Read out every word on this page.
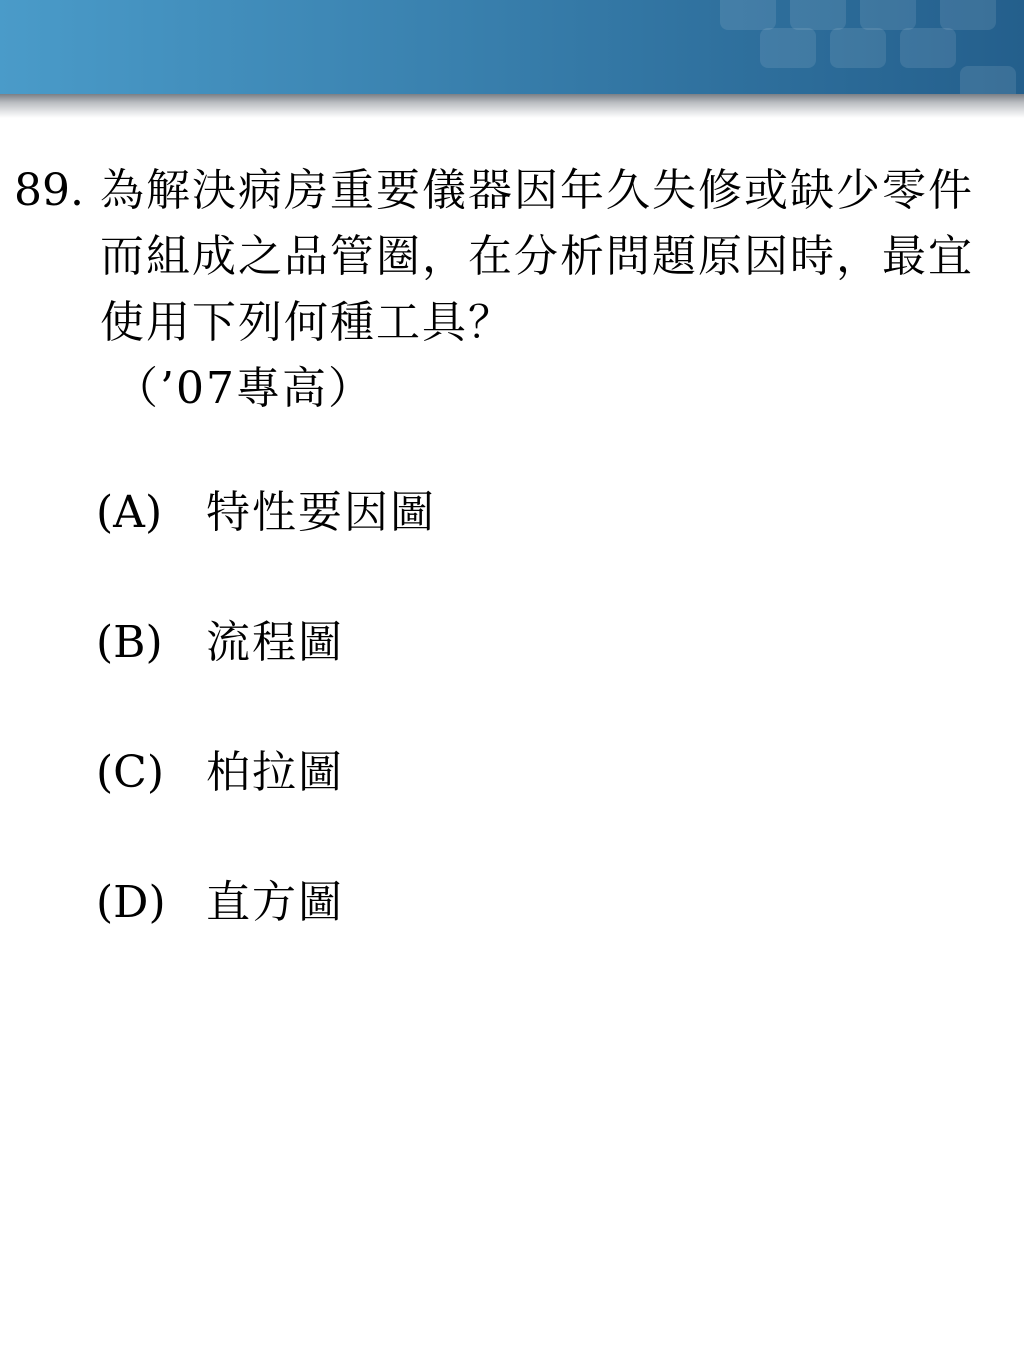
89. 為解決病房重要儀器因年久失修或缺少零件而組成之品管圈，在分析問題原因時，最宜使用下列何種工具？
（’07專高）
(A) 特性要因圖
(B) 流程圖
(C) 柏拉圖
(D) 直方圖
